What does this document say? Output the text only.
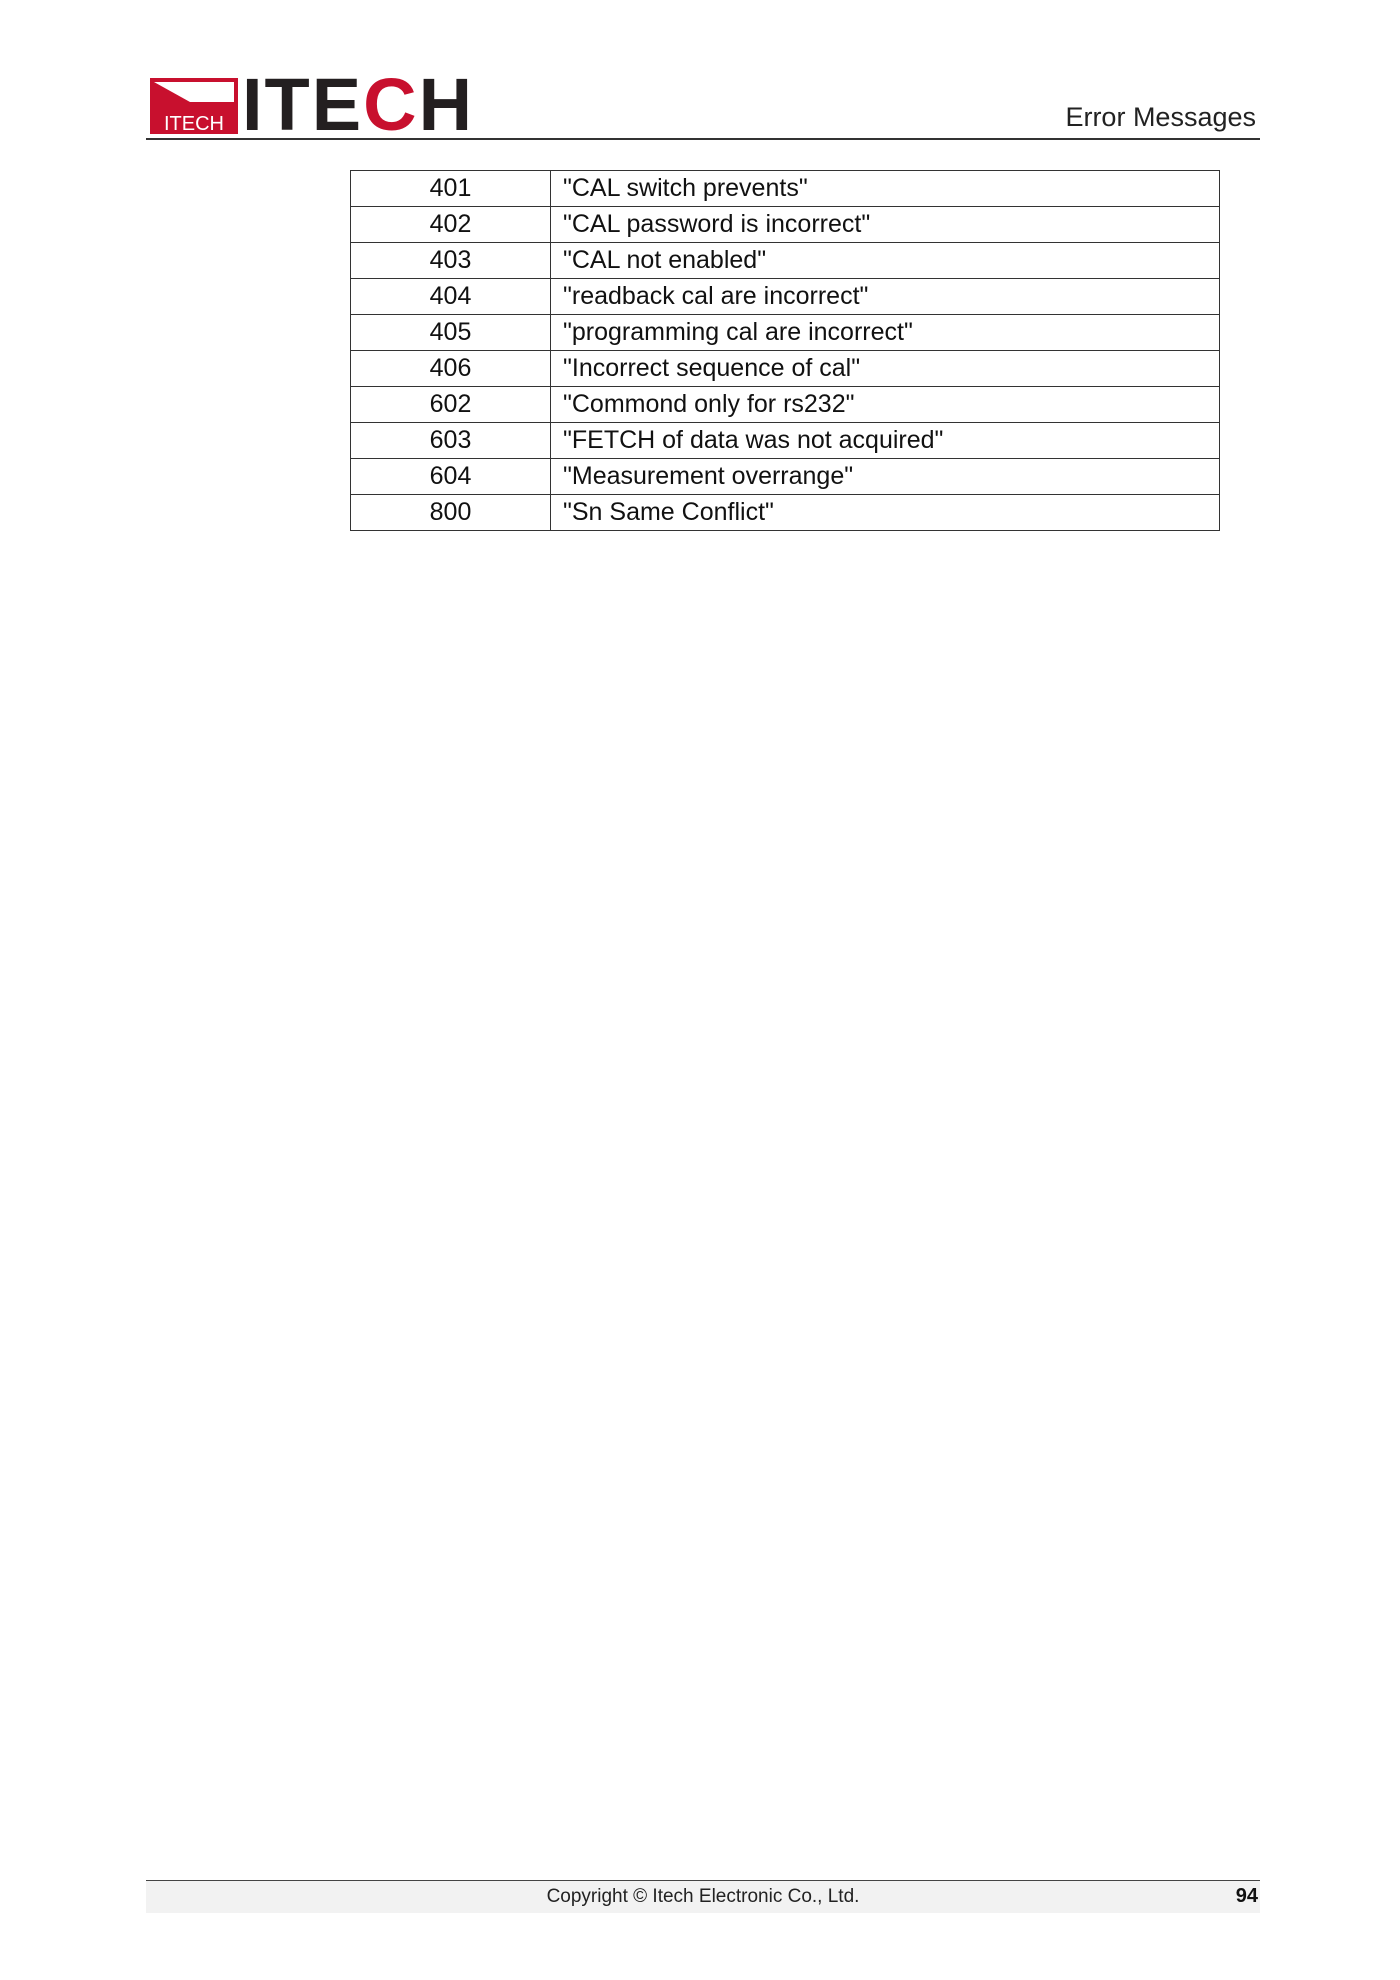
ITECH ITECH	Error Messages
401	"CAL switch prevents"
402	"CAL password is incorrect"
403	"CAL not enabled"
404	"readback cal are incorrect"
405	"programming cal are incorrect"
406	"Incorrect sequence of cal"
602	"Commond only for rs232"
603	"FETCH of data was not acquired"
604	"Measurement overrange"
800	"Sn Same Conflict"
Copyright © Itech Electronic Co., Ltd.	94
